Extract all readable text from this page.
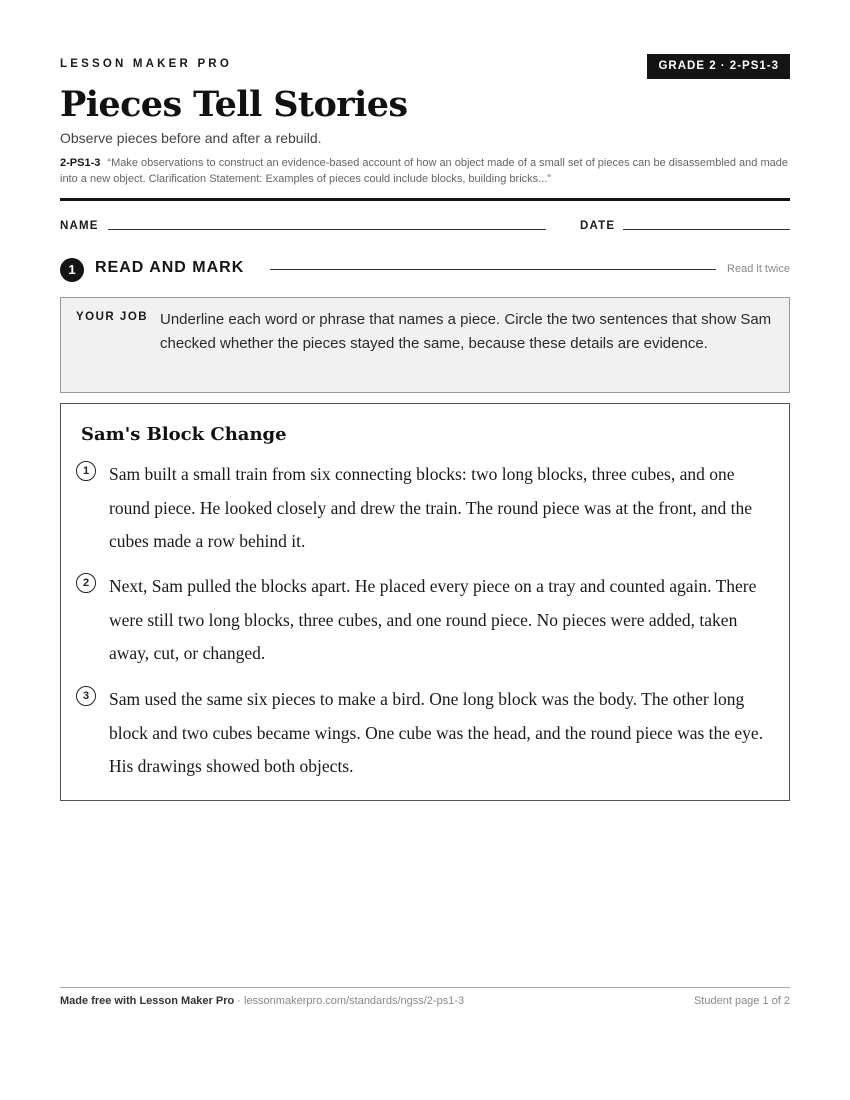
LESSON MAKER PRO	GRADE 2 · 2-PS1-3
Pieces Tell Stories
Observe pieces before and after a rebuild.
2-PS1-3 “Make observations to construct an evidence-based account of how an object made of a small set of pieces can be disassembled and made into a new object. Clarification Statement: Examples of pieces could include blocks, building bricks...”
NAME	DATE
1	READ AND MARK	Read it twice
YOUR JOB Underline each word or phrase that names a piece. Circle the two sentences that show Sam checked whether the pieces stayed the same, because these details are evidence.
Sam's Block Change
1	Sam built a small train from six connecting blocks: two long blocks, three cubes, and one round piece. He looked closely and drew the train. The round piece was at the front, and the cubes made a row behind it.
2	Next, Sam pulled the blocks apart. He placed every piece on a tray and counted again. There were still two long blocks, three cubes, and one round piece. No pieces were added, taken away, cut, or changed.
3	Sam used the same six pieces to make a bird. One long block was the body. The other long block and two cubes became wings. One cube was the head, and the round piece was the eye. His drawings showed both objects.
Made free with Lesson Maker Pro · lessonmakerpro.com/standards/ngss/2-ps1-3	Student page 1 of 2
